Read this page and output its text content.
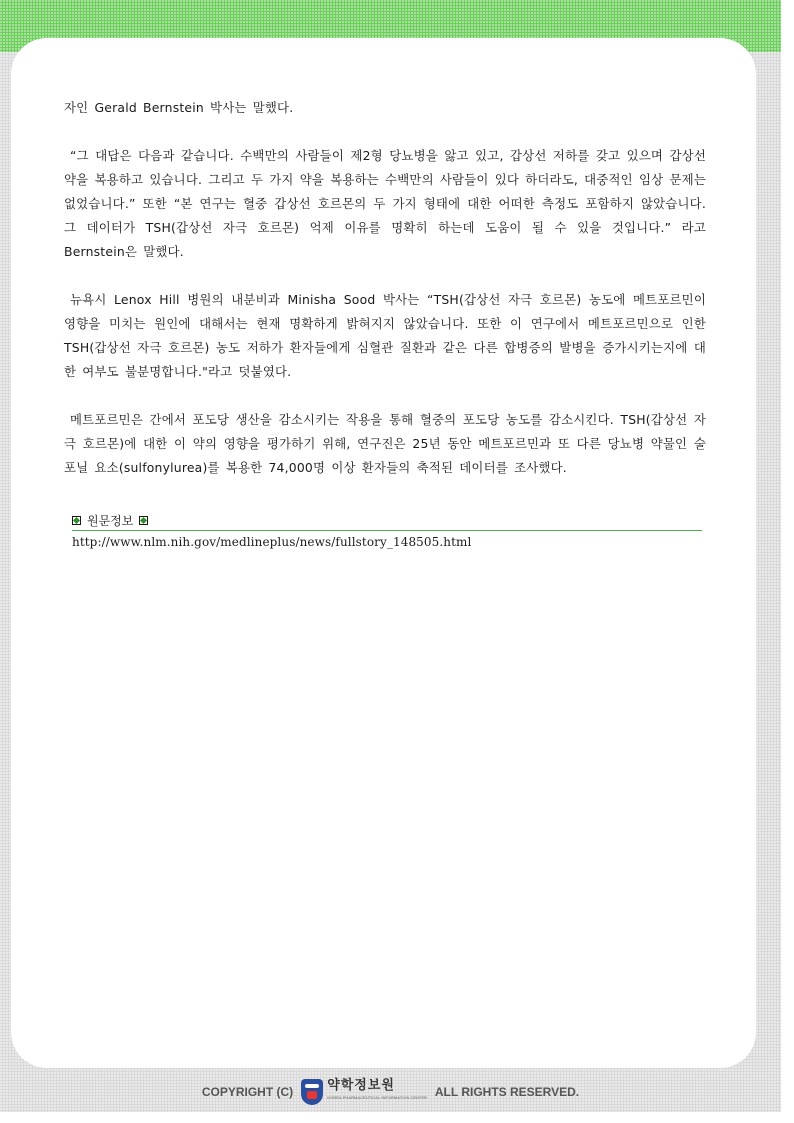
자인 Gerald Bernstein 박사는 말했다.

“그 대답은 다음과 같습니다. 수백만의 사람들이 제2형 당뇨병을 앓고 있고, 갑상선 저하를 갖고 있으며 갑상선 약을 복용하고 있습니다. 그리고 두 가지 약을 복용하는 수백만의 사람들이 있다 하더라도, 대중적인 임상 문제는 없었습니다.” 또한 “본 연구는 혈중 갑상선 호르몬의 두 가지 형태에 대한 어떠한 측정도 포함하지 않았습니다. 그 데이터가 TSH(갑상선 자극 호르몬) 억제 이유를 명확히 하는데 도움이 될 수 있을 것입니다.” 라고 Bernstein은 말했다.

뉴욕시 Lenox Hill 병원의 내분비과 Minisha Sood 박사는 “TSH(갑상선 자극 호르몬) 농도에 메트포르민이 영향을 미치는 원인에 대해서는 현재 명확하게 밝혀지지 않았습니다. 또한 이 연구에서 메트포르민으로 인한 TSH(갑상선 자극 호르몬) 농도 저하가 환자들에게 심혈관 질환과 같은 다른 합병증의 발병을 증가시키는지에 대한 여부도 불분명합니다."라고 덧붙였다.

메트포르민은 간에서 포도당 생산을 감소시키는 작용을 통해 혈중의 포도당 농도를 감소시킨다. TSH(갑상선 자극 호르몬)에 대한 이 약의 영향을 평가하기 위해, 연구진은 25년 동안 메트포르민과 또 다른 당뇨병 약물인 술포닐 요소(sulfonylurea)를 복용한 74,000명 이상 환자들의 축적된 데이터를 조사했다.

원문정보
http://www.nlm.nih.gov/medlineplus/news/fullstory_148505.html
COPYRIGHT (C)	약학정보원
KOREA PHARMACEUTICAL INFORMATION CENTER ALL RIGHTS RESERVED.
